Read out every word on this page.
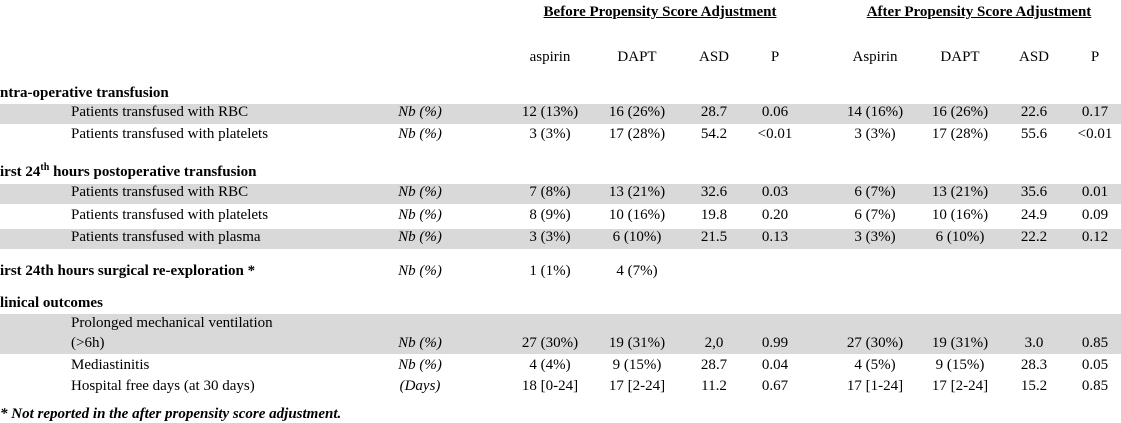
Before Propensity Score Adjustment	After Propensity Score Adjustment
aspirin	DAPT	ASD	P	Aspirin	DAPT	ASD	P
ntra-operative transfusion
Patients transfused with RBC	Nb (%)	12 (13%)	16 (26%)	28.7	0.06	14 (16%)	16 (26%)	22.6	0.17
Patients transfused with platelets	Nb (%)	3 (3%)	17 (28%)	54.2	<0.01	3 (3%)	17 (28%)	55.6	<0.01
irst 24th hours postoperative transfusion
Patients transfused with RBC	Nb (%)	7 (8%)	13 (21%)	32.6	0.03	6 (7%)	13 (21%)	35.6	0.01
Patients transfused with platelets	Nb (%)	8 (9%)	10 (16%)	19.8	0.20	6 (7%)	10 (16%)	24.9	0.09
Patients transfused with plasma	Nb (%)	3 (3%)	6 (10%)	21.5	0.13	3 (3%)	6 (10%)	22.2	0.12
irst 24th hours surgical re-exploration *	Nb (%)	1 (1%)	4 (7%)
linical outcomes
Prolonged mechanical ventilation
(>6h)	Nb (%)	27 (30%)	19 (31%)	2,0	0.99	27 (30%)	19 (31%)	3.0	0.85
Mediastinitis	Nb (%)	4 (4%)	9 (15%)	28.7	0.04	4 (5%)	9 (15%)	28.3	0.05
Hospital free days (at 30 days)	(Days)	18 [0-24]	17 [2-24]	11.2	0.67	17 [1-24]	17 [2-24]	15.2	0.85
* Not reported in the after propensity score adjustment.
